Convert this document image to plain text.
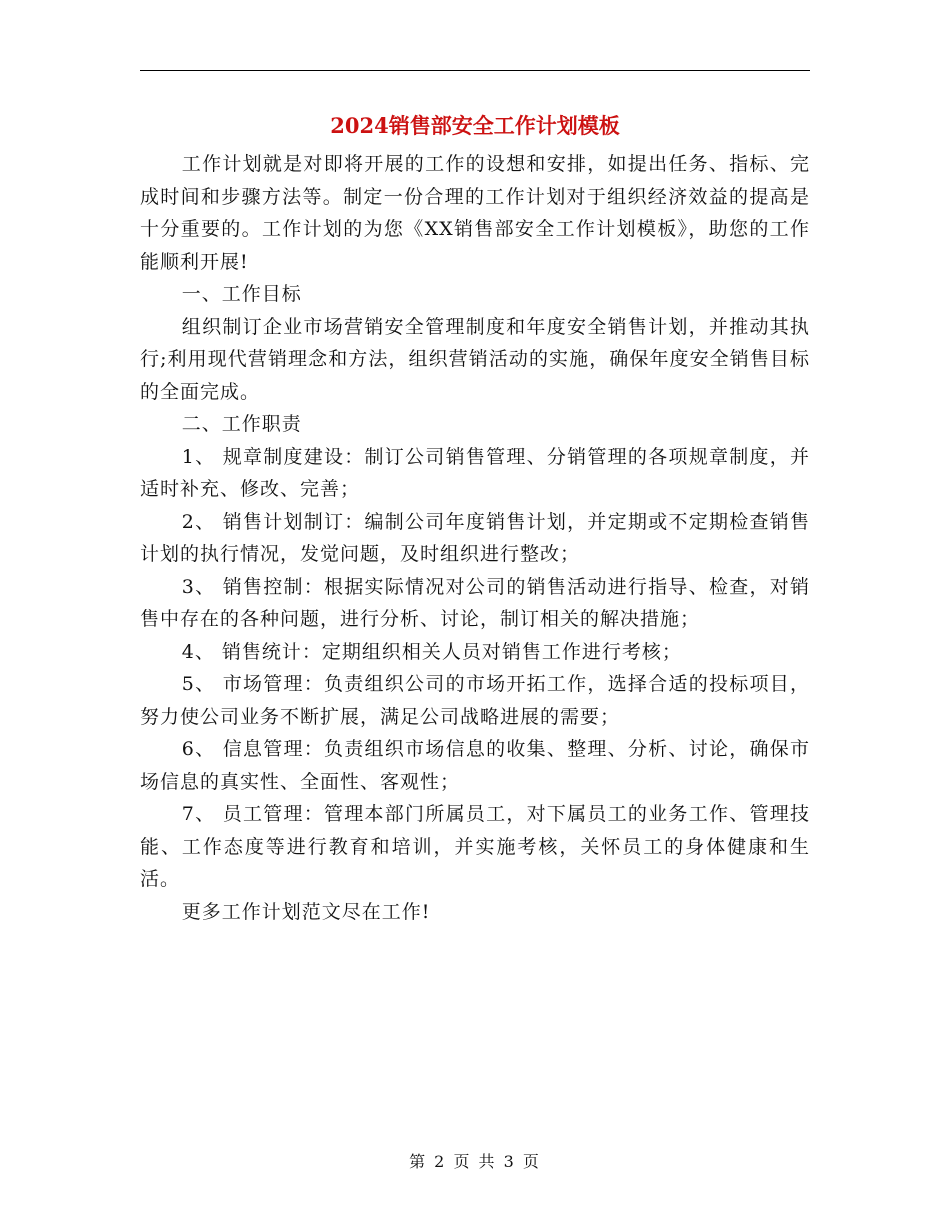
2024销售部安全工作计划模板

工作计划就是对即将开展的工作的设想和安排，如提出任务、指标、完成时间和步骤方法等。制定一份合理的工作计划对于组织经济效益的提高是十分重要的。工作计划的为您《XX销售部安全工作计划模板》，助您的工作能顺利开展!

一、工作目标

组织制订企业市场营销安全管理制度和年度安全销售计划，并推动其执行;利用现代营销理念和方法，组织营销活动的实施，确保年度安全销售目标的全面完成。

二、工作职责

1、 规章制度建设：制订公司销售管理、分销管理的各项规章制度，并适时补充、修改、完善；

2、 销售计划制订：编制公司年度销售计划，并定期或不定期检查销售计划的执行情况，发觉问题，及时组织进行整改；

3、 销售控制：根据实际情况对公司的销售活动进行指导、检查，对销售中存在的各种问题，进行分析、讨论，制订相关的解决措施；

4、 销售统计：定期组织相关人员对销售工作进行考核；

5、 市场管理：负责组织公司的市场开拓工作，选择合适的投标项目，努力使公司业务不断扩展，满足公司战略进展的需要；

6、 信息管理：负责组织市场信息的收集、整理、分析、讨论，确保市场信息的真实性、全面性、客观性；

7、 员工管理：管理本部门所属员工，对下属员工的业务工作、管理技能、工作态度等进行教育和培训，并实施考核，关怀员工的身体健康和生活。

更多工作计划范文尽在工作!

第 2 页 共 3 页
